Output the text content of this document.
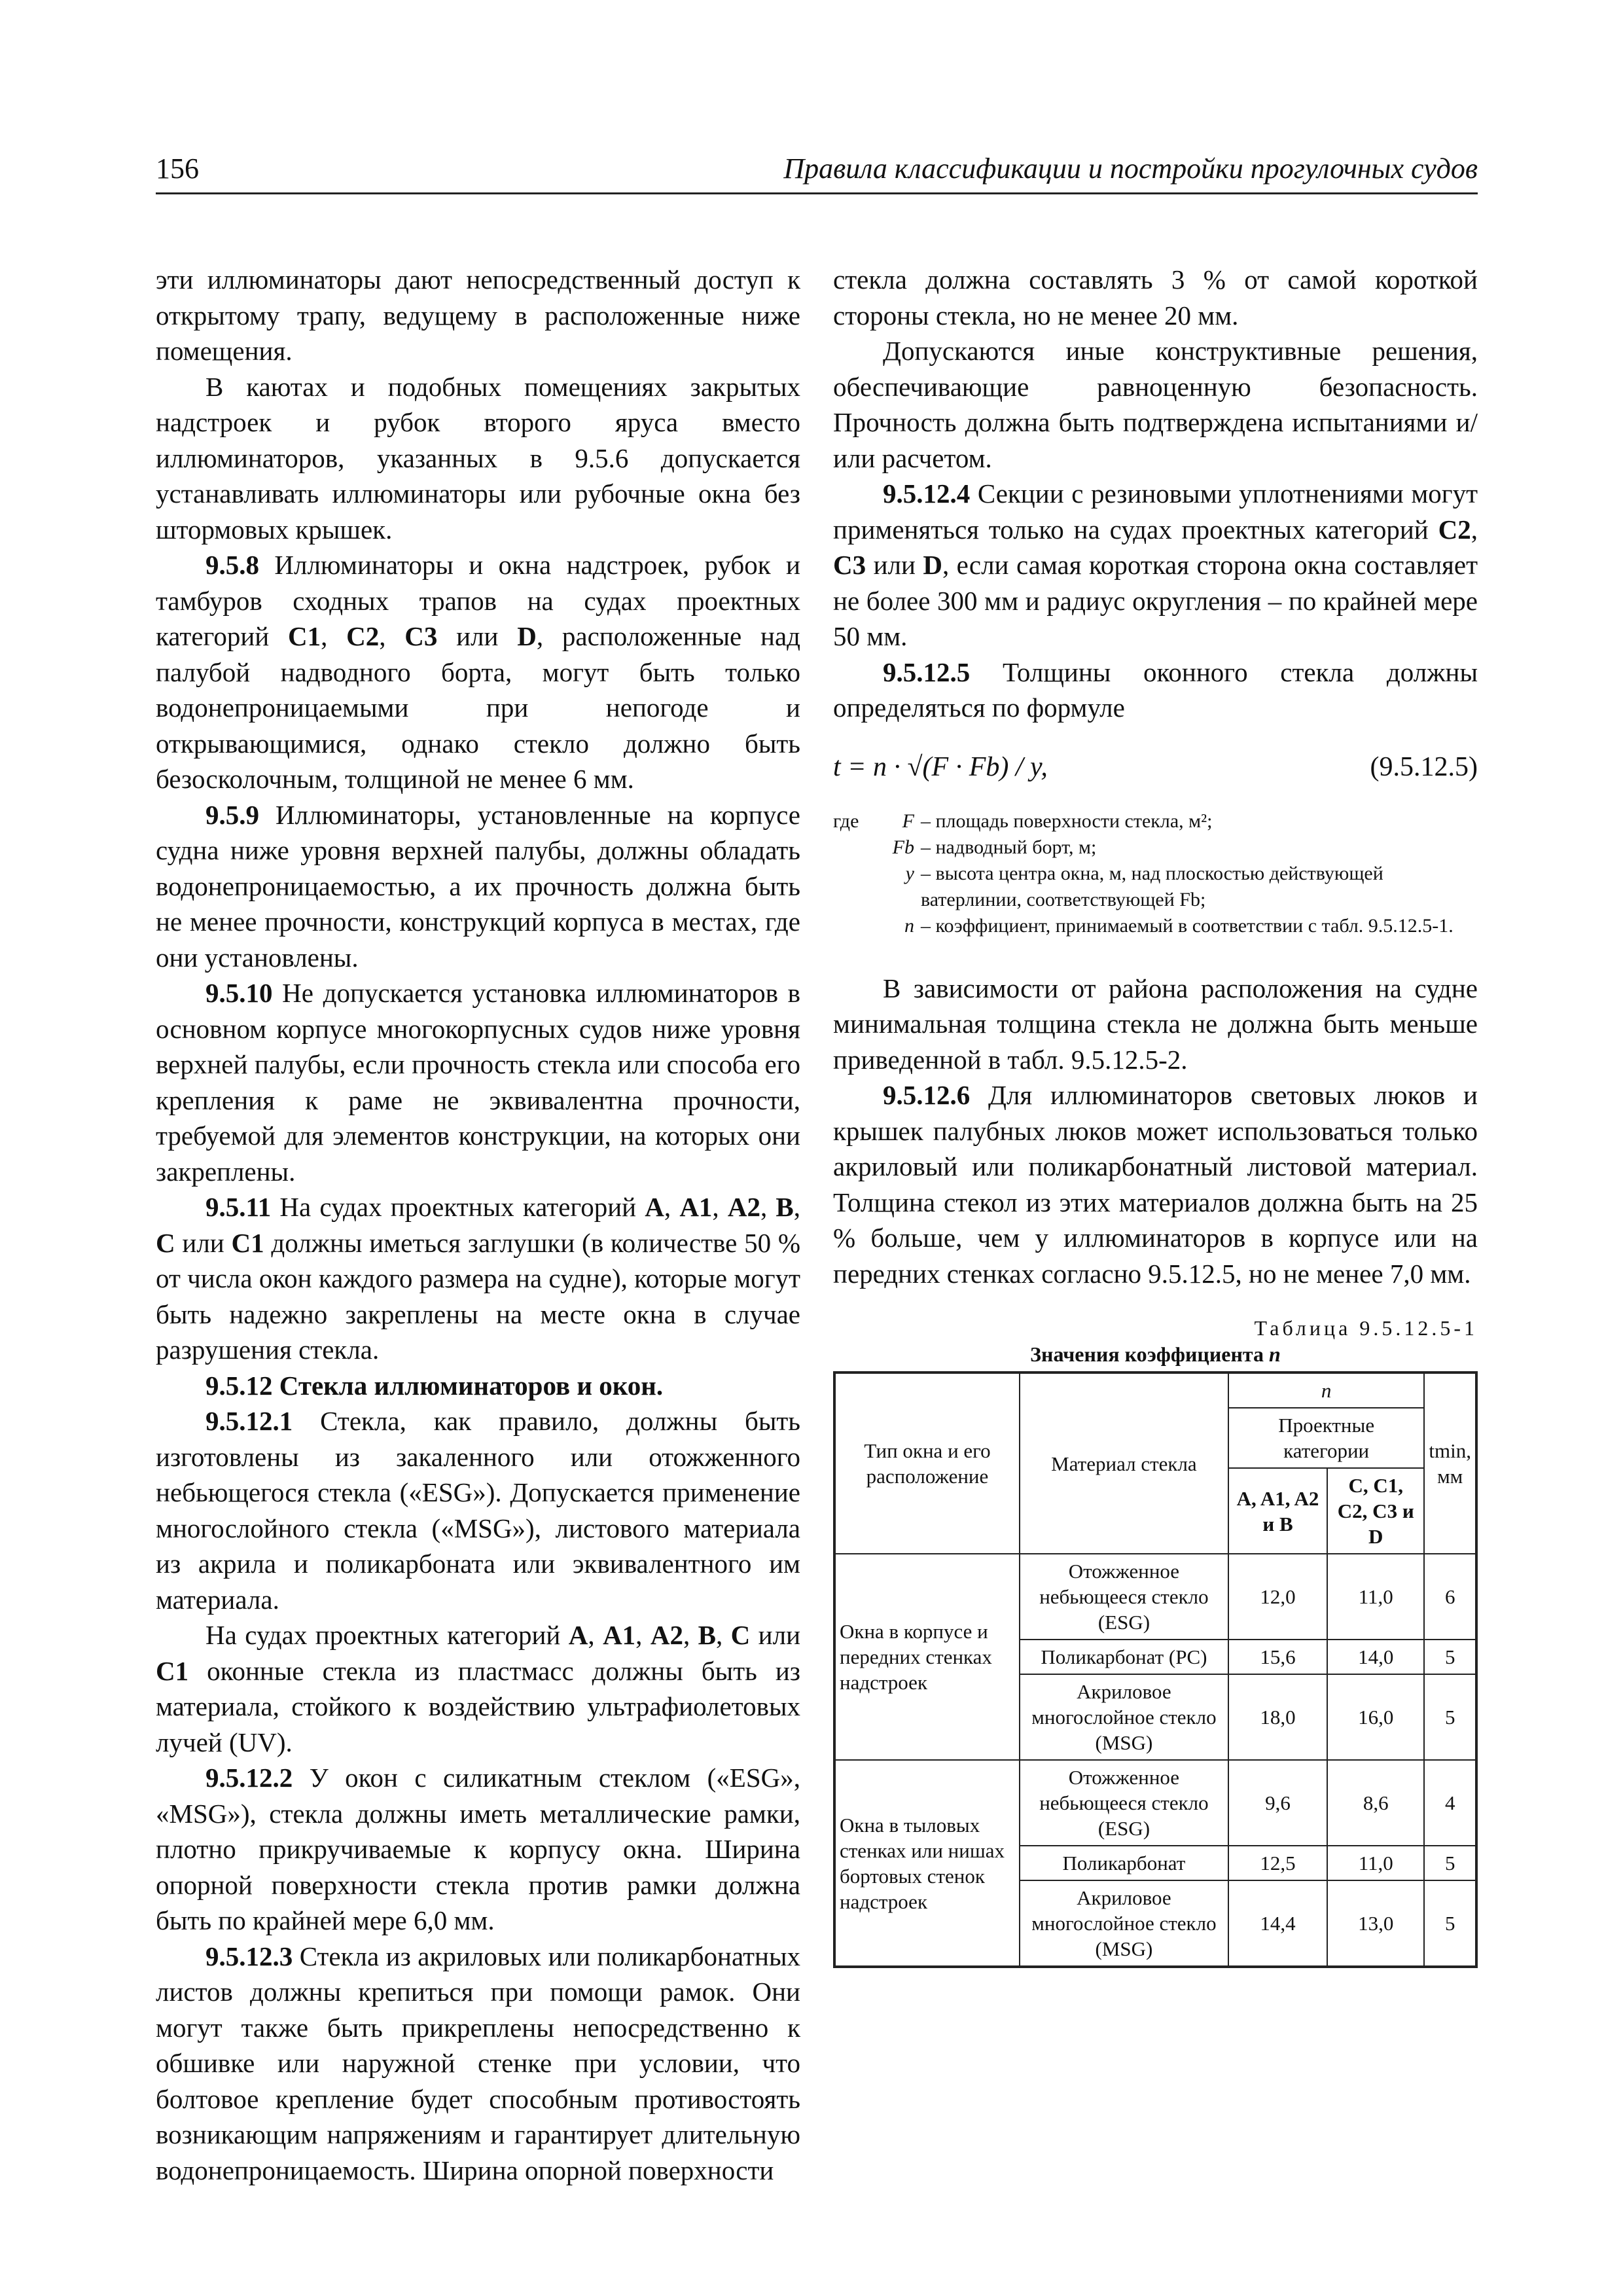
156	Правила классификации и постройки прогулочных судов

эти иллюминаторы дают непосредственный доступ к открытому трапу, ведущему в расположенные ниже помещения.

В каютах и подобных помещениях закрытых надстроек и рубок второго яруса вместо иллюминаторов, указанных в 9.5.6 допускается устанавливать иллюминаторы или рубочные окна без штормовых крышек.

9.5.8 Иллюминаторы и окна надстроек, рубок и тамбуров сходных трапов на судах проектных категорий C1, C2, C3 или D, расположенные над палубой надводного борта, могут быть только водонепроницаемыми при непогоде и открывающимися, однако стекло должно быть безосколочным, толщиной не менее 6 мм.

9.5.9 Иллюминаторы, установленные на корпусе судна ниже уровня верхней палубы, должны обладать водонепроницаемостью, а их прочность должна быть не менее прочности, конструкций корпуса в местах, где они установлены.

9.5.10 Не допускается установка иллюминаторов в основном корпусе многокорпусных судов ниже уровня верхней палубы, если прочность стекла или способа его крепления к раме не эквивалентна прочности, требуемой для элементов конструкции, на которых они закреплены.

9.5.11 На судах проектных категорий A, A1, A2, B, C или C1 должны иметься заглушки (в количестве 50 % от числа окон каждого размера на судне), которые могут быть надежно закреплены на месте окна в случае разрушения стекла.

9.5.12 Стекла иллюминаторов и окон.

9.5.12.1 Стекла, как правило, должны быть изготовлены из закаленного или отожженного небьющегося стекла («ESG»). Допускается применение многослойного стекла («MSG»), листового материала из акрила и поликарбоната или эквивалентного им материала.

На судах проектных категорий A, A1, A2, B, C или C1 оконные стекла из пластмасс должны быть из материала, стойкого к воздействию ультрафиолетовых лучей (UV).

9.5.12.2 У окон с силикатным стеклом («ESG», «MSG»), стекла должны иметь металлические рамки, плотно прикручиваемые к корпусу окна. Ширина опорной поверхности стекла против рамки должна быть по крайней мере 6,0 мм.

9.5.12.3 Стекла из акриловых или поликарбонатных листов должны крепиться при помощи рамок. Они могут также быть прикреплены непосредственно к обшивке или наружной стенке при условии, что болтовое крепление будет способным противостоять возникающим напряжениям и гарантирует длительную водонепроницаемость. Ширина опорной поверхности

стекла должна составлять 3 % от самой короткой стороны стекла, но не менее 20 мм.

Допускаются иные конструктивные решения, обеспечивающие равноценную безопасность. Прочность должна быть подтверждена испытаниями и/или расчетом.

9.5.12.4 Секции с резиновыми уплотнениями могут применяться только на судах проектных категорий C2, C3 или D, если самая короткая сторона окна составляет не более 300 мм и радиус округления – по крайней мере 50 мм.

9.5.12.5 Толщины оконного стекла должны определяться по формуле

t = n · √(F · Fb) / y,	(9.5.12.5)
где	F – площадь поверхности стекла, м²;
Fb – надводный борт, м;
y – высота центра окна, м, над плоскостью действующей ватерлинии, соответствующей Fb;
n – коэффициент, принимаемый в соответствии с табл. 9.5.12.5-1.

В зависимости от района расположения на судне минимальная толщина стекла не должна быть меньше приведенной в табл. 9.5.12.5-2.

9.5.12.6 Для иллюминаторов световых люков и крышек палубных люков может использоваться только акриловый или поликарбонатный листовой материал. Толщина стекол из этих материалов должна быть на 25 % больше, чем у иллюминаторов в корпусе или на передних стенках согласно 9.5.12.5, но не менее 7,0 мм.

Таблица 9.5.12.5-1
Значения коэффициента n
Тип окна и его расположение	Материал стекла	n		tmin, мм
		Проектные категории		
		A, A1, A2 и B	C, C1, C2, C3 и D	
Окна в корпусе и передних стенках надстроек	Отожженное небьющееся стекло (ESG)	12,0	11,0	6
	Поликарбонат (PC)	15,6	14,0	5
	Акриловое многослойное стекло (MSG)	18,0	16,0	5
Окна в тыловых стенках или нишах бортовых стенок надстроек	Отожженное небьющееся стекло (ESG)	9,6	8,6	4
	Поликарбонат	12,5	11,0	5
	Акриловое многослойное стекло (MSG)	14,4	13,0	5
